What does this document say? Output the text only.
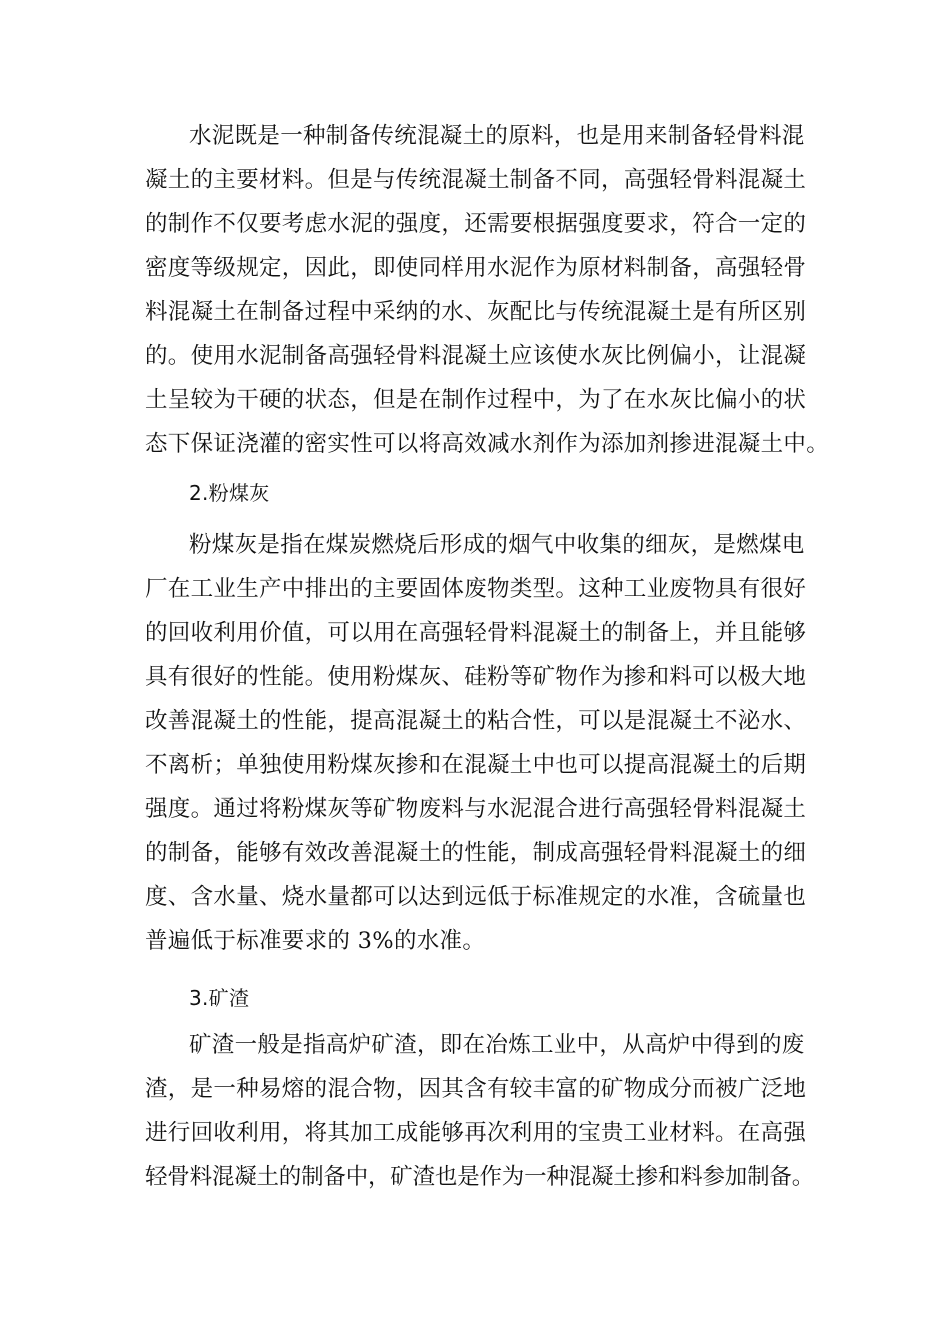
水泥既是一种制备传统混凝土的原料，也是用来制备轻骨料混
凝土的主要材料。但是与传统混凝土制备不同，高强轻骨料混凝土
的制作不仅要考虑水泥的强度，还需要根据强度要求，符合一定的
密度等级规定，因此，即使同样用水泥作为原材料制备，高强轻骨
料混凝土在制备过程中采纳的水、灰配比与传统混凝土是有所区别
的。使用水泥制备高强轻骨料混凝土应该使水灰比例偏小，让混凝
土呈较为干硬的状态，但是在制作过程中，为了在水灰比偏小的状
态下保证浇灌的密实性可以将高效减水剂作为添加剂掺进混凝土中。
2.粉煤灰
粉煤灰是指在煤炭燃烧后形成的烟气中收集的细灰，是燃煤电
厂在工业生产中排出的主要固体废物类型。这种工业废物具有很好
的回收利用价值，可以用在高强轻骨料混凝土的制备上，并且能够
具有很好的性能。使用粉煤灰、硅粉等矿物作为掺和料可以极大地
改善混凝土的性能，提高混凝土的粘合性，可以是混凝土不泌水、
不离析；单独使用粉煤灰掺和在混凝土中也可以提高混凝土的后期
强度。通过将粉煤灰等矿物废料与水泥混合进行高强轻骨料混凝土
的制备，能够有效改善混凝土的性能，制成高强轻骨料混凝土的细
度、含水量、烧水量都可以达到远低于标准规定的水准，含硫量也
普遍低于标准要求的 3%的水准。
3.矿渣
矿渣一般是指高炉矿渣，即在冶炼工业中，从高炉中得到的废
渣，是一种易熔的混合物，因其含有较丰富的矿物成分而被广泛地
进行回收利用，将其加工成能够再次利用的宝贵工业材料。在高强
轻骨料混凝土的制备中，矿渣也是作为一种混凝土掺和料参加制备。
